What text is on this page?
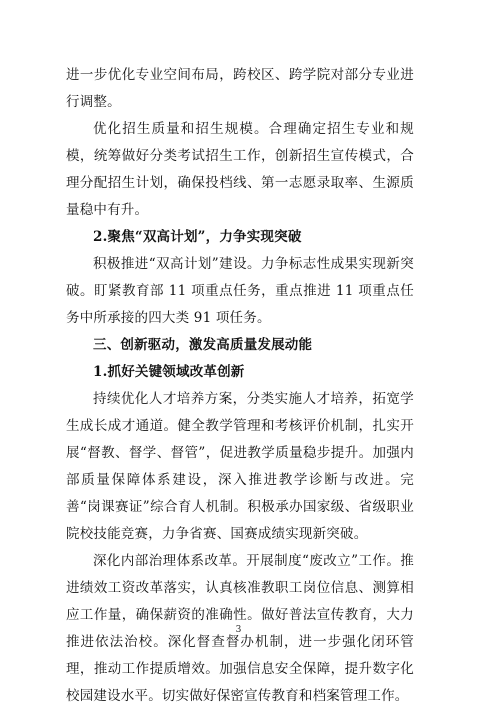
进一步优化专业空间布局，跨校区、跨学院对部分专业进行调整。

优化招生质量和招生规模。合理确定招生专业和规模，统筹做好分类考试招生工作，创新招生宣传模式，合理分配招生计划，确保投档线、第一志愿录取率、生源质量稳中有升。

2.聚焦“双高计划”，力争实现突破

积极推进“双高计划”建设。力争标志性成果实现新突破。盯紧教育部 11 项重点任务，重点推进 11 项重点任务中所承接的四大类 91 项任务。

三、创新驱动，激发高质量发展动能

1.抓好关键领域改革创新

持续优化人才培养方案，分类实施人才培养，拓宽学生成长成才通道。健全教学管理和考核评价机制，扎实开展“督教、督学、督管”，促进教学质量稳步提升。加强内部质量保障体系建设，深入推进教学诊断与改进。完善“岗课赛证”综合育人机制。积极承办国家级、省级职业院校技能竞赛，力争省赛、国赛成绩实现新突破。

深化内部治理体系改革。开展制度“废改立”工作。推进绩效工资改革落实，认真核准教职工岗位信息、测算相应工作量，确保薪资的准确性。做好普法宣传教育，大力推进依法治校。深化督查督办机制，进一步强化闭环管理，推动工作提质增效。加强信息安全保障，提升数字化校园建设水平。切实做好保密宣传教育和档案管理工作。

3
